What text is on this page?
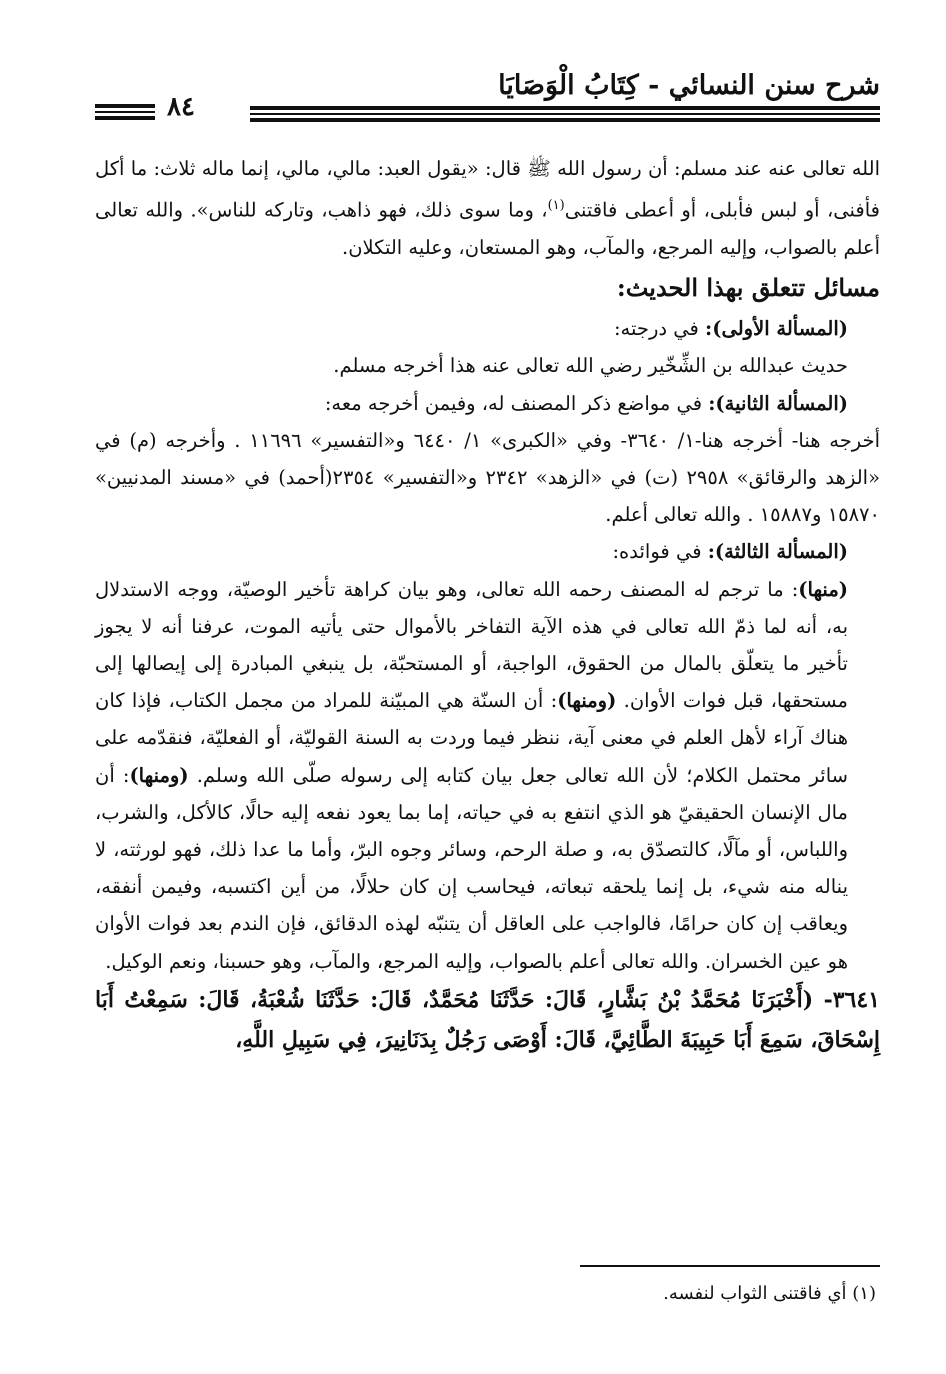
شرح سنن النسائي - كِتَابُ الْوَصَايَا
٨٤

الله تعالى عنه عند مسلم: أن رسول الله ﷺ قال: «يقول العبد: مالي، مالي، إنما ماله ثلاث: ما أكل فأفنى، أو لبس فأبلى، أو أعطى فاقتنى$^{(١)}$، وما سوى ذلك، فهو ذاهب، وتاركه للناس». والله تعالى أعلم بالصواب، وإليه المرجع، والمآب، وهو المستعان، وعليه التكلان.

مسائل تتعلق بهذا الحديث:

(المسألة الأولى): في درجته:

حديث عبدالله بن الشِّخّير رضي الله تعالى عنه هذا أخرجه مسلم.

(المسألة الثانية): في مواضع ذكر المصنف له، وفيمن أخرجه معه:

أخرجه هنا- أخرجه هنا-١/ ٣٦٤٠- وفي «الكبرى» ١/ ٦٤٤٠ و«التفسير» ١١٦٩٦ . وأخرجه (م) في «الزهد والرقائق» ٢٩٥٨ (ت) في «الزهد» ٢٣٤٢ و«التفسير» ٢٣٥٤(أحمد) في «مسند المدنيين» ١٥٨٧٠ و١٥٨٨٧ . والله تعالى أعلم.

(المسألة الثالثة): في فوائده:

(منها): ما ترجم له المصنف رحمه الله تعالى، وهو بيان كراهة تأخير الوصيّة، ووجه الاستدلال به، أنه لما ذمّ الله تعالى في هذه الآية التفاخر بالأموال حتى يأتيه الموت، عرفنا أنه لا يجوز تأخير ما يتعلّق بالمال من الحقوق، الواجبة، أو المستحبّة، بل ينبغي المبادرة إلى إيصالها إلى مستحقها، قبل فوات الأوان. (ومنها): أن السنّة هي المبيّنة للمراد من مجمل الكتاب، فإذا كان هناك آراء لأهل العلم في معنى آية، ننظر فيما وردت به السنة القوليّة، أو الفعليّة، فنقدّمه على سائر محتمل الكلام؛ لأن الله تعالى جعل بيان كتابه إلى رسوله صلّى الله وسلم. (ومنها): أن مال الإنسان الحقيقيّ هو الذي انتفع به في حياته، إما بما يعود نفعه إليه حالًا، كالأكل، والشرب، واللباس، أو مآلًا، كالتصدّق به، و صلة الرحم، وسائر وجوه البرّ، وأما ما عدا ذلك، فهو لورثته، لا يناله منه شيء، بل إنما يلحقه تبعاته، فيحاسب إن كان حلالًا، من أين اكتسبه، وفيمن أنفقه، ويعاقب إن كان حرامًا، فالواجب على العاقل أن يتنبّه لهذه الدقائق، فإن الندم بعد فوات الأوان هو عين الخسران. والله تعالى أعلم بالصواب، وإليه المرجع، والمآب، وهو حسبنا، ونعم الوكيل.

٣٦٤١- (أَخْبَرَنَا مُحَمَّدُ بْنُ بَشَّارٍ، قَالَ: حَدَّثَنَا مُحَمَّدٌ، قَالَ: حَدَّثَنَا شُعْبَةُ، قَالَ: سَمِعْتُ أَبَا إِسْحَاقَ، سَمِعَ أَبَا حَبِيبَةَ الطَّائِيَّ، قَالَ: أَوْصَى رَجُلٌ بِدَنَانِيرَ، فِي سَبِيلِ اللَّهِ،

(١) أي فاقتنى الثواب لنفسه.
